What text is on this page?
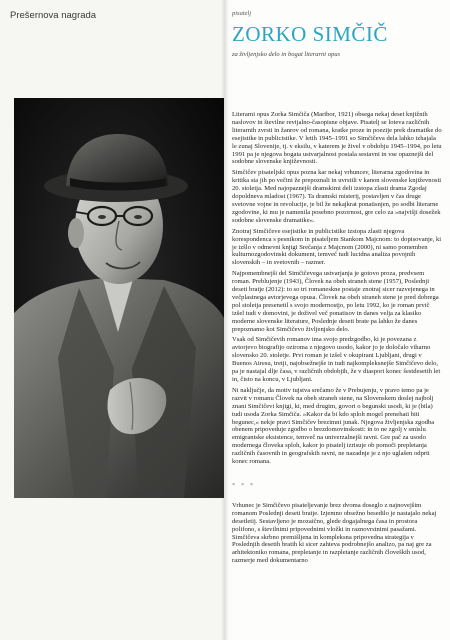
Prešernova nagrada	pisatelj
ZORKO SIMČIČ
za življenjsko delo in bogat literarni opus

Literarni opus Zorka Simčiča (Maribor, 1921) obsega nekaj deset knjižnih naslovov in številne revijalno-časopisne objave. Pisatelj se loteva različnih literarnih zvrsti in žanrov od romana, kratke proze in poezije prek dramatike do esejistike in publicistike. V letih 1945–1991 so Simčičeva dela lahko izhajala le zunaj Slovenije, tj. v eksilu, v katerem je živel v obdobju 1945–1994, po letu 1991 pa je njegova bogata ustvarjalnost postala sestavni in vse opaznejši del sodobne slovenske književnosti.

Simčičev pisateljski opus pozna kar nekaj vrhuncev, literarna zgodovina in kritika sta jih po večini že prepoznali in uvrstili v kanon slovenske književnosti 20. stoletja. Med najopaznejši dramskimi deli izstopa zlasti drama Zgodaj dopoldneva mladost (1967). Ta dramski misterij, postavljen v čas druge svetovne vojne in revolucije, je bil že nekajkrat ponatisnjen, po sodbi literarne zgodovine, ki mu je namenila posebno pozornost, gre celo za »najvišji dosežek sodobne slovenske dramatike«.

Znotraj Simčičeve esejistike in publicistike izstopa zlasti njegova korespondenca s pesnikom in pisateljem Stankom Majcnom: to dopisovanje, ki je izšlo v odmevni knjigi Srečanja z Majcnom (2000), ni samo pomemben kulturnozgodovinski dokument, temveč tudi lucidna analiza povojnih slovenskih – in svetovnih – razmer.

Najpomembnejši del Simčičevega ustvarjanja je gotovo proza, predvsem roman. Preblujenje (1943), Človek na obeh straneh stene (1957), Poslednji deseti bratje (2012): to so tri romaneskne postaje znotraj sicer razvejenega in večplastnega avtorjevega opusa. Človek na obeh straneh stene je pred dobrega pol stoletja presenetil s svojo modernostjo, po letu 1992, ko je roman prvič izšel tudi v domovini, je doživel več ponatisov in danes velja za klasiko moderne slovenske literature, Poslednje deseti brate pa lahko že danes prepoznamo kot Simčičevo življenjsko delo.

Vsak od Simčičevih romanov ima svojo predzgodbo, ki je povezana z avtorjevo biografijo oziroma z njegovo usodo, kakor jo je določalo viharno slovensko 20. stoletje. Prvi roman je izšel v okupirani Ljubljani, drugi v Buenos Airesu, tretji, najobsežnejše in tudi najkompleksnejše Simčičevo delo, pa je nastajal dlje časa, v različnih obdobjih, že v diaspori konec šestdesetih let in, čisto na koncu, v Ljubljani.

Ni naključje, da motiv tujstva srečamo že v Prebujenju, v pravo temo pa je razvit v romanu Človek na obeh straneh stene, na Slovenskem doslej najbolj znani Simčičevi knjigi, ki, med drugim, govori o begunski usodi, ki je (bila) tudi usoda Zorka Simčiča. »Kakor da bi kdo sploh mogel prenehati biti begunec,« nekje pravi Simčičev brezimni junak. Njegova življenjska zgodba obenem pripoveduje zgodbo o brezdomovinskosti: in to ne zgolj v smislu emigrantske eksistence, temveč na univerzalnejši ravni. Gre pač za usodo modernega človeka sploh, kakor jo pisatelj izrisuje ob pomoči prepletanja različnih časovnih in geografskih ravni, ne nazadnje je z njo uglašen odprti konec romana.

* * *

Vrhunec je Simčičevo pisateljevanje brez dvoma doseglo z najnovejšim romanom Poslednji deseti bratje. Izjemno obsežno besedilo je nastajalo nekaj desetletij. Sestavljeno je mozaično, glede dogajalnega časa in prostora polifono, s številnimi pripovednimi vložki in raznovrstnimi pasažami. Simčičeva skrbno premišljena in kompleksna pripovedna strategija v Poslednjih desetih bratih ki sicer zahteva podrobnejšo analizo, pa naj gre za arhitektoniko romana, prepletanje in razpletanje različnih človeških usod, razmerje med dokumentarno
